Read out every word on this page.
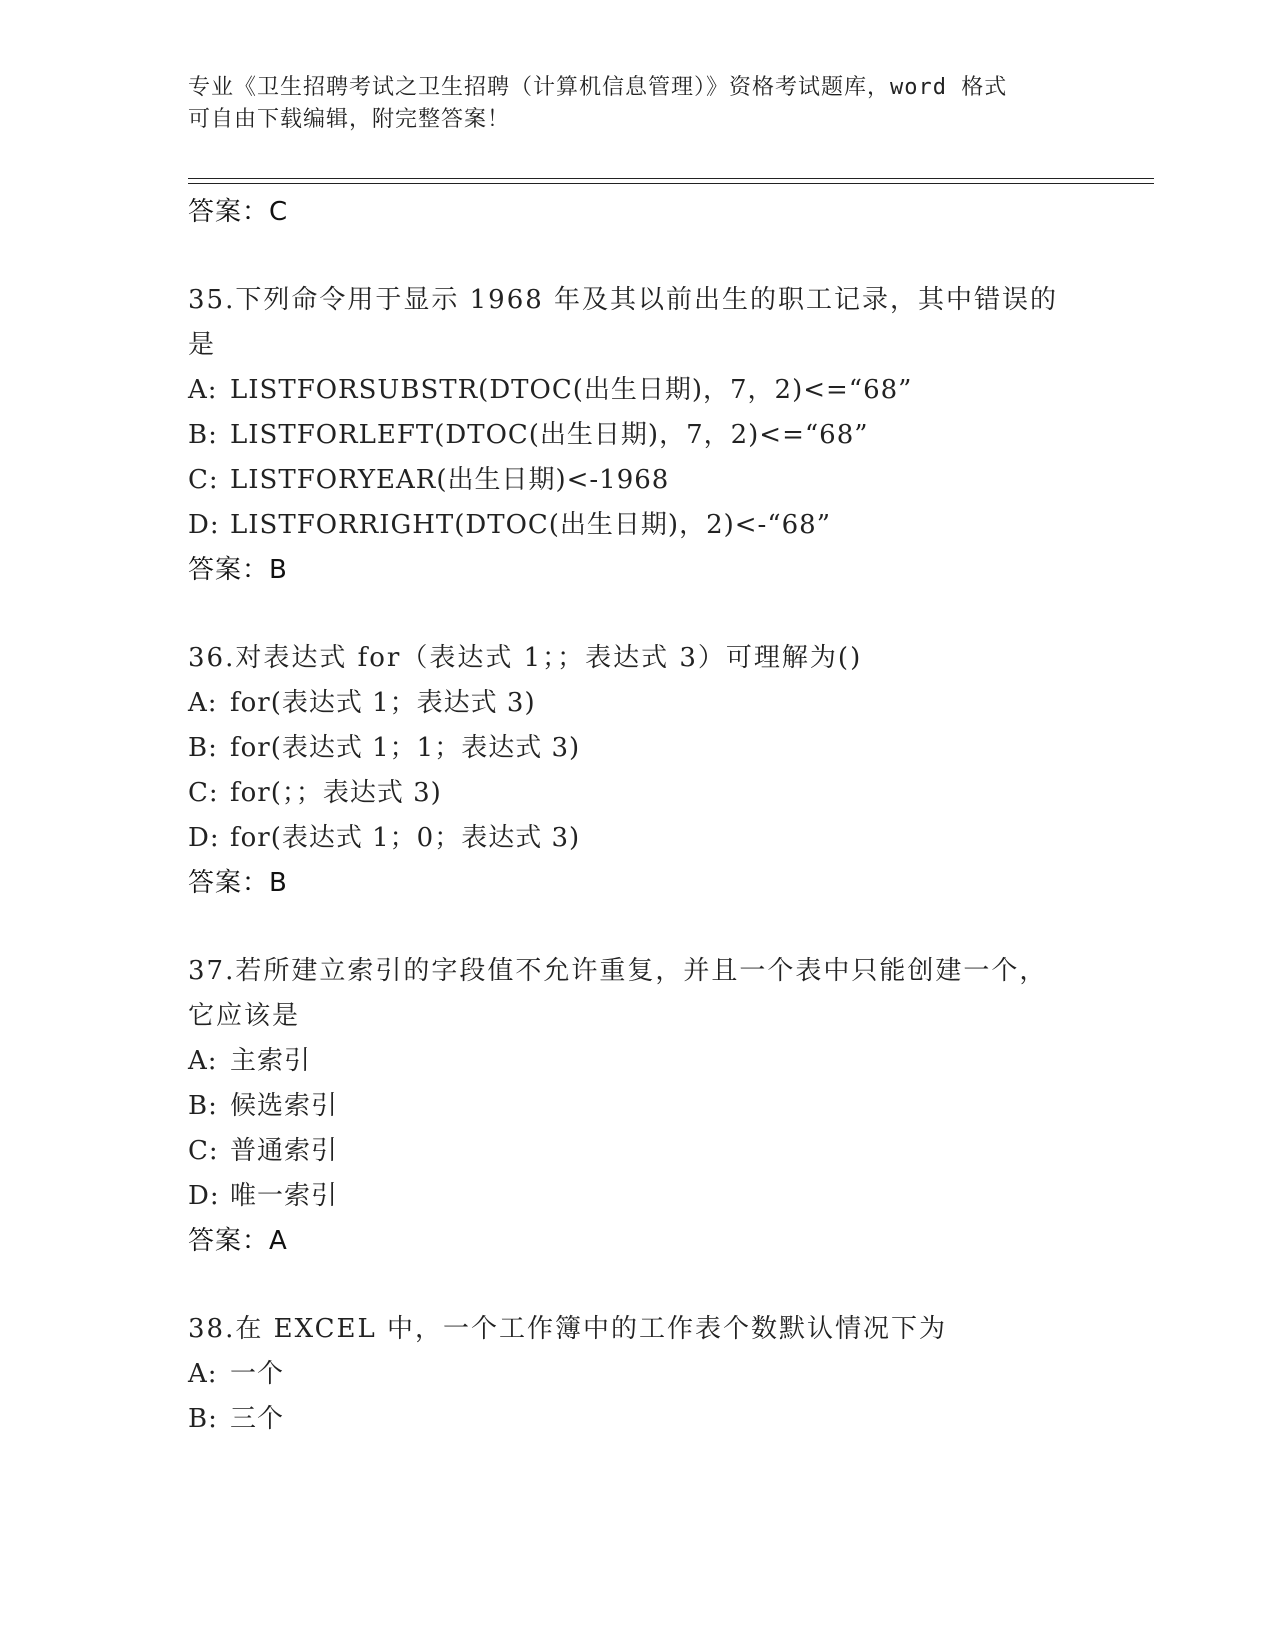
专业《卫生招聘考试之卫生招聘（计算机信息管理）》资格考试题库，word 格式
可自由下载编辑，附完整答案！
答案：C
35.下列命令用于显示 1968 年及其以前出生的职工记录，其中错误的
是
A: LISTFORSUBSTR(DTOC(出生日期)，7，2)<=“68”
B: LISTFORLEFT(DTOC(出生日期)，7，2)<=“68”
C: LISTFORYEAR(出生日期)<-1968
D: LISTFORRIGHT(DTOC(出生日期)，2)<-“68”
答案：B
36.对表达式 for（表达式 1；；表达式 3）可理解为()
A: for(表达式 1；表达式 3)
B: for(表达式 1；1；表达式 3)
C: for(；；表达式 3)
D: for(表达式 1；0；表达式 3)
答案：B
37.若所建立索引的字段值不允许重复，并且一个表中只能创建一个，
它应该是
A: 主索引
B: 候选索引
C: 普通索引
D: 唯一索引
答案：A
38.在 EXCEL 中，一个工作簿中的工作表个数默认情况下为
A: 一个
B: 三个
